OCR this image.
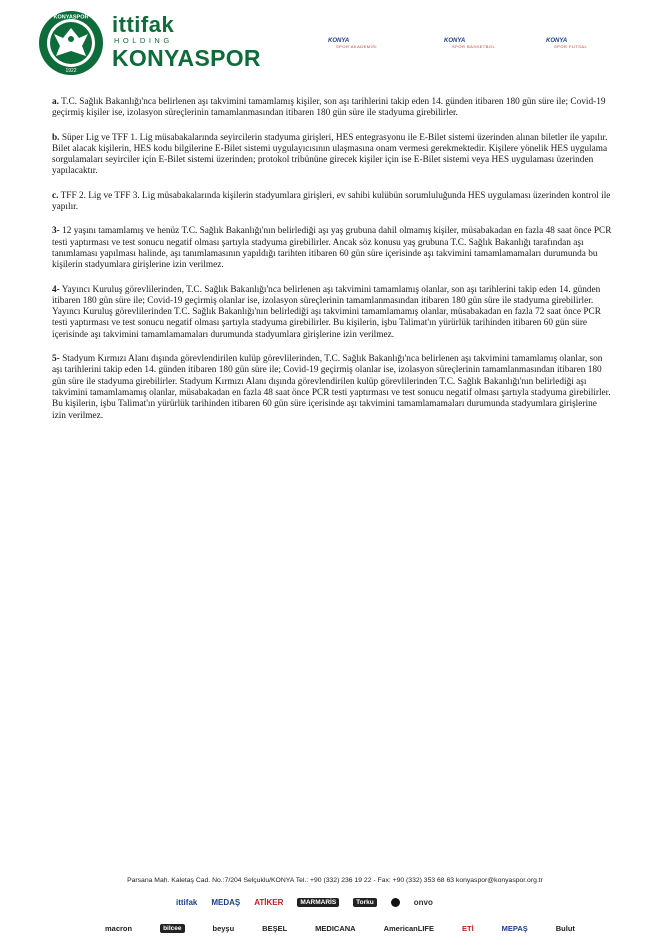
KONYASPOR
1922
ittifak
HOLDING
KONYASPOR
KONYA
SPOR AKADEMİSİ
KONYA
SPOR BASKETBOL
KONYA
SPOR FUTSAL

a. T.C. Sağlık Bakanlığı'nca belirlenen aşı takvimini tamamlamış kişiler, son aşı tarihlerini takip eden 14. günden itibaren 180 gün süre ile; Covid-19 geçirmiş kişiler ise, izolasyon süreçlerinin tamamlanmasından itibaren 180 gün süre ile stadyuma girebilirler.

b. Süper Lig ve TFF 1. Lig müsabakalarında seyircilerin stadyuma girişleri, HES entegrasyonu ile E-Bilet sistemi üzerinden alınan biletler ile yapılır. Bilet alacak kişilerin, HES kodu bilgilerine E-Bilet sistemi uygulayıcısının ulaşmasına onam vermesi gerekmektedir. Kişilere yönelik HES uygulama sorgulamaları seyirciler için E-Bilet sistemi üzerinden; protokol tribününe girecek kişiler için ise E-Bilet sistemi veya HES uygulaması üzerinden yapılacaktır.

c. TFF 2. Lig ve TFF 3. Lig müsabakalarında kişilerin stadyumlara girişleri, ev sahibi kulübün sorumluluğunda HES uygulaması üzerinden kontrol ile yapılır.

3- 12 yaşını tamamlamış ve henüz T.C. Sağlık Bakanlığı'nın belirlediği aşı yaş grubuna dahil olmamış kişiler, müsabakadan en fazla 48 saat önce PCR testi yaptırması ve test sonucu negatif olması şartıyla stadyuma girebilirler. Ancak söz konusu yaş grubuna T.C. Sağlık Bakanlığı tarafından aşı tanımlaması yapılması halinde, aşı tanımlamasının yapıldığı tarihten itibaren 60 gün süre içerisinde aşı takvimini tamamlamamaları durumunda bu kişilerin stadyumlara girişlerine izin verilmez.

4- Yayıncı Kuruluş görevlilerinden, T.C. Sağlık Bakanlığı'nca belirlenen aşı takvimini tamamlamış olanlar, son aşı tarihlerini takip eden 14. günden itibaren 180 gün süre ile; Covid-19 geçirmiş olanlar ise, izolasyon süreçlerinin tamamlanmasından itibaren 180 gün süre ile stadyuma girebilirler. Yayıncı Kuruluş görevlilerinden T.C. Sağlık Bakanlığı'nın belirlediği aşı takvimini tamamlamamış olanlar, müsabakadan en fazla 72 saat önce PCR testi yaptırması ve test sonucu negatif olması şartıyla stadyuma girebilirler. Bu kişilerin, işbu Talimat'ın yürürlük tarihinden itibaren 60 gün süre içerisinde aşı takvimini tamamlamamaları durumunda stadyumlara girişlerine izin verilmez.

5- Stadyum Kırmızı Alanı dışında görevlendirilen kulüp görevlilerinden, T.C. Sağlık Bakanlığı'nca belirlenen aşı takvimini tamamlamış olanlar, son aşı tarihlerini takip eden 14. günden itibaren 180 gün süre ile; Covid-19 geçirmiş olanlar ise, izolasyon süreçlerinin tamamlanmasından itibaren 180 gün süre ile stadyuma girebilirler. Stadyum Kırmızı Alanı dışında görevlendirilen kulüp görevlilerinden T.C. Sağlık Bakanlığı'nın belirlediği aşı takvimini tamamlamamış olanlar, müsabakadan en fazla 48 saat önce PCR testi yaptırması ve test sonucu negatif olması şartıyla stadyuma girebilirler. Bu kişilerin, işbu Talimat'ın yürürlük tarihinden itibaren 60 gün süre içerisinde aşı takvimini tamamlamamaları durumunda stadyumlara girişlerine izin verilmez.

Parsana Mah. Kaletaş Cad. No.:7/204 Selçuklu/KONYA Tel.: +90 (332) 236 19 22 - Fax: +90 (332) 353 68 63 konyaspor@konyaspor.org.tr
ittifak MEDAŞ ATİKER	MARMARİS	Torku	onvo
macron	bilcee	beyşu	BEŞEL	MEDICANA	AmericanLIFE	ETİ	MEPAŞ	Bulut
